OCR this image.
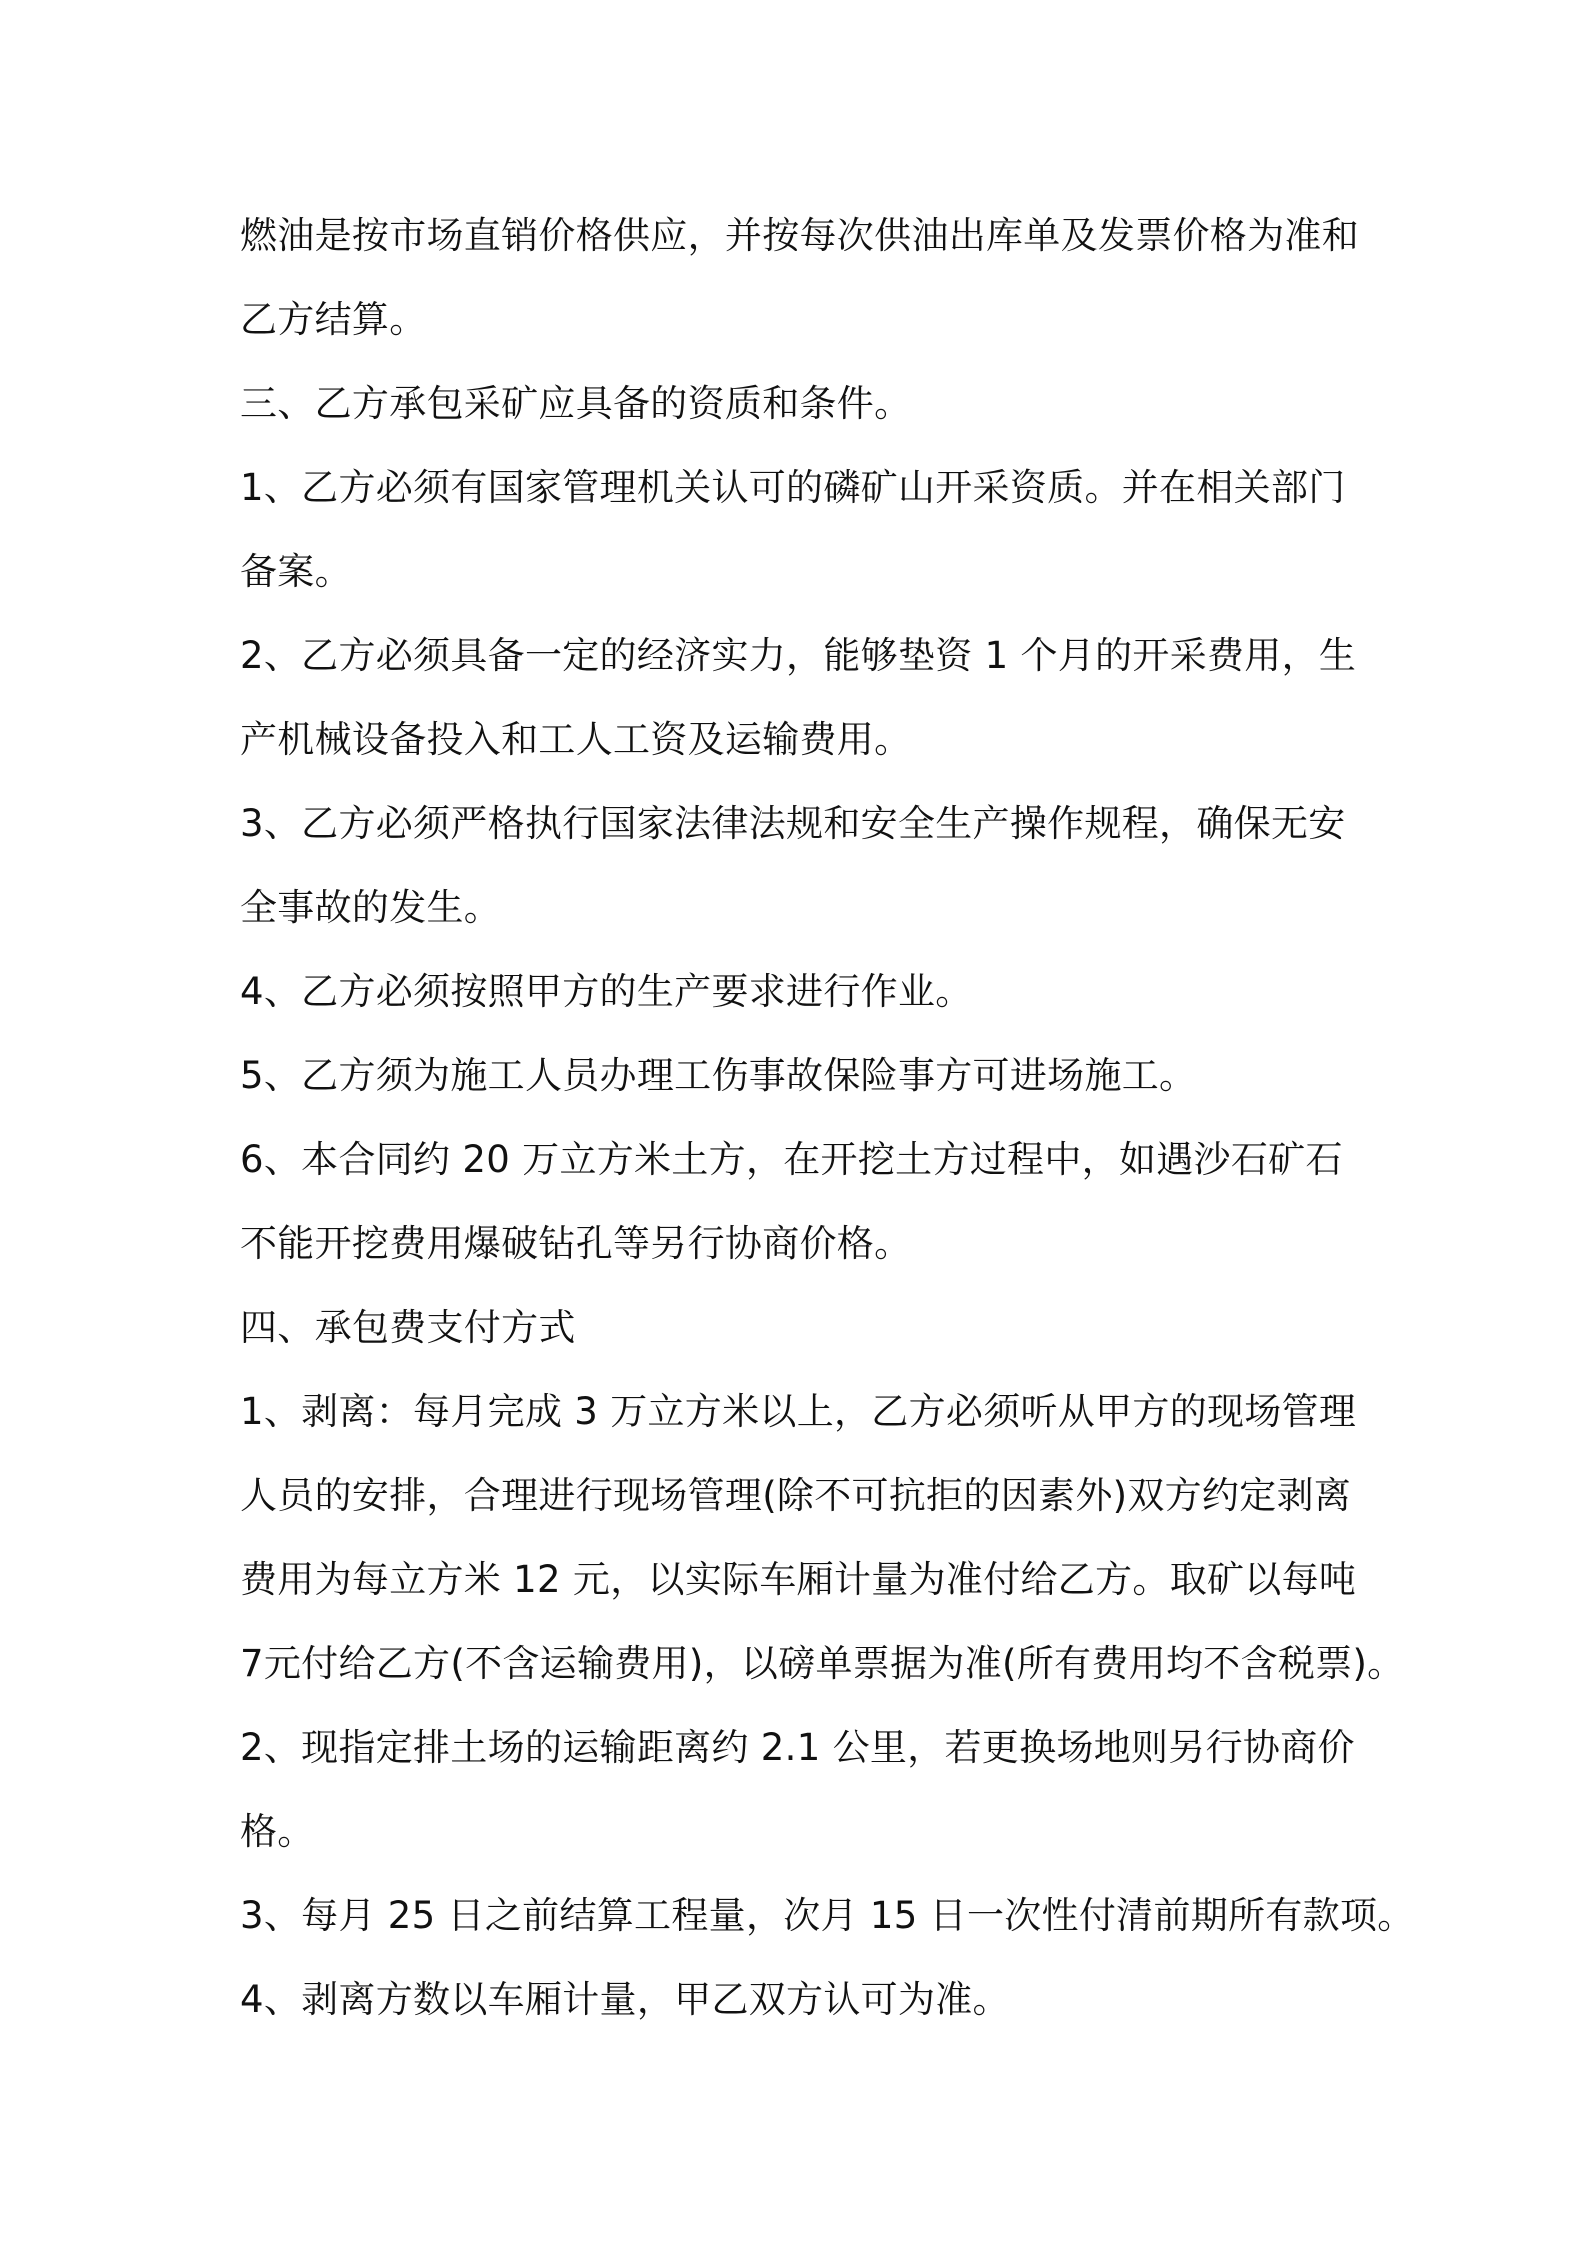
燃油是按市场直销价格供应，并按每次供油出库单及发票价格为准和
乙方结算。
三、乙方承包采矿应具备的资质和条件。
1、乙方必须有国家管理机关认可的磷矿山开采资质。并在相关部门
备案。
2、乙方必须具备一定的经济实力，能够垫资 1 个月的开采费用，生
产机械设备投入和工人工资及运输费用。
3、乙方必须严格执行国家法律法规和安全生产操作规程，确保无安
全事故的发生。
4、乙方必须按照甲方的生产要求进行作业。
5、乙方须为施工人员办理工伤事故保险事方可进场施工。
6、本合同约 20 万立方米土方，在开挖土方过程中，如遇沙石矿石
不能开挖费用爆破钻孔等另行协商价格。
四、承包费支付方式
1、剥离：每月完成 3 万立方米以上，乙方必须听从甲方的现场管理
人员的安排，合理进行现场管理(除不可抗拒的因素外)双方约定剥离
费用为每立方米 12 元，以实际车厢计量为准付给乙方。取矿以每吨
7元付给乙方(不含运输费用)，以磅单票据为准(所有费用均不含税票)。
2、现指定排土场的运输距离约 2.1 公里，若更换场地则另行协商价
格。
3、每月 25 日之前结算工程量，次月 15 日一次性付清前期所有款项。
4、剥离方数以车厢计量，甲乙双方认可为准。
